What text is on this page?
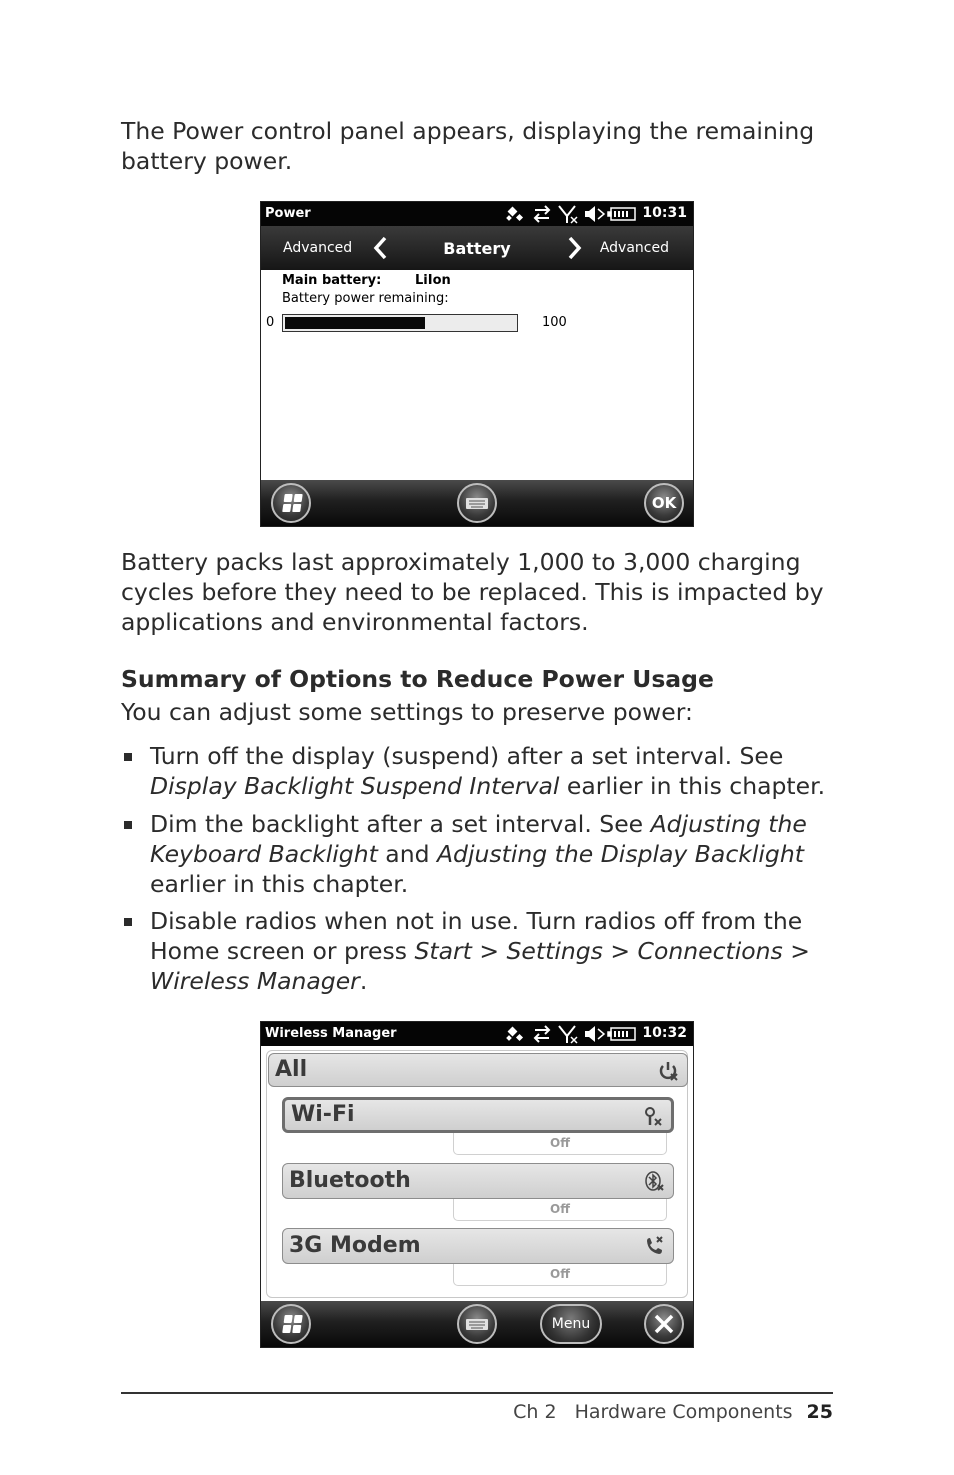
The Power control panel appears, displaying the remaining battery power.
Power	10:31
Advanced	Battery	Advanced
Main battery:	LiIon
Battery power remaining:
0	100
OK
Battery packs last approximately 1,000 to 3,000 charging cycles before they need to be replaced. This is impacted by applications and environmental factors.
Summary of Options to Reduce Power Usage
You can adjust some settings to preserve power:
Turn off the display (suspend) after a set interval. See Display Backlight Suspend Interval earlier in this chapter.
Dim the backlight after a set interval. See Adjusting the Keyboard Backlight and Adjusting the Display Backlight earlier in this chapter.
Disable radios when not in use. Turn radios off from the Home screen or press Start > Settings > Connections > Wireless Manager.
Wireless Manager	10:32
All
Wi-Fi
Off
Bluetooth
Off
3G Modem
Off
Menu
Ch 2 Hardware Components 25
